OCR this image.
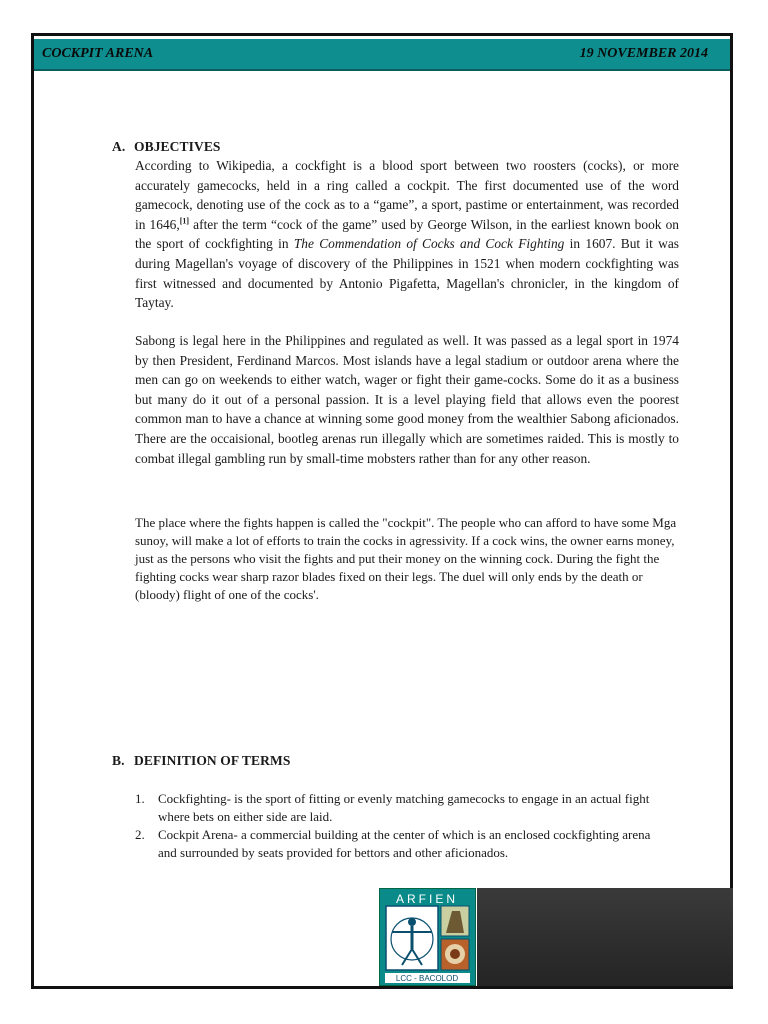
COCKPIT ARENA	19 NOVEMBER 2014
A. OBJECTIVES

According to Wikipedia, a cockfight is a blood sport between two roosters (cocks), or more accurately gamecocks, held in a ring called a cockpit. The first documented use of the word gamecock, denoting use of the cock as to a “game”, a sport, pastime or entertainment, was recorded in 1646,[1] after the term “cock of the game” used by George Wilson, in the earliest known book on the sport of cockfighting in The Commendation of Cocks and Cock Fighting in 1607. But it was during Magellan's voyage of discovery of the Philippines in 1521 when modern cockfighting was first witnessed and documented by Antonio Pigafetta, Magellan's chronicler, in the kingdom of Taytay.

Sabong is legal here in the Philippines and regulated as well. It was passed as a legal sport in 1974 by then President, Ferdinand Marcos. Most islands have a legal stadium or outdoor arena where the men can go on weekends to either watch, wager or fight their game-cocks. Some do it as a business but many do it out of a personal passion. It is a level playing field that allows even the poorest common man to have a chance at winning some good money from the wealthier Sabong aficionados. There are the occaisional, bootleg arenas run illegally which are sometimes raided. This is mostly to combat illegal gambling run by small-time mobsters rather than for any other reason.

The place where the fights happen is called the "cockpit". The people who can afford to have some Mga sunoy, will make a lot of efforts to train the cocks in agressivity. If a cock wins, the owner earns money, just as the persons who visit the fights and put their money on the winning cock. During the fight the fighting cocks wear sharp razor blades fixed on their legs. The duel will only ends by the death or (bloody) flight of one of the cocks'.

B. DEFINITION OF TERMS
1. Cockfighting- is the sport of fitting or evenly matching gamecocks to engage in an actual fight where bets on either side are laid.
2. Cockpit Arena- a commercial building at the center of which is an enclosed cockfighting arena and surrounded by seats provided for bettors and other aficionados.
ARFIEN
LCC - BACOLOD
